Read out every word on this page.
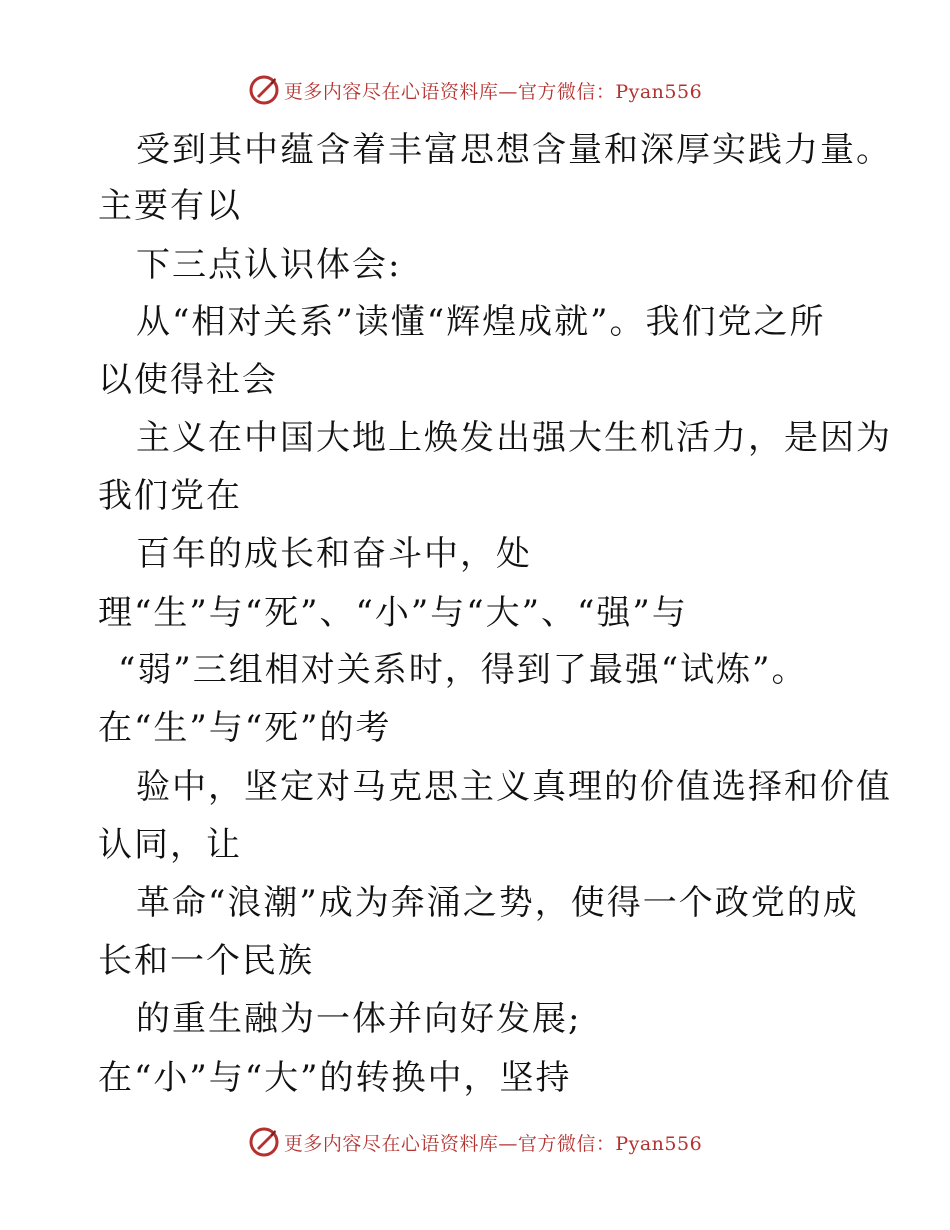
更多内容尽在心语资料库—官方微信：Pyan556
受到其中蕴含着丰富思想含量和深厚实践力量。
主要有以
下三点认识体会:
从“相对关系”读懂“辉煌成就”。我们党之所
以使得社会
主义在中国大地上焕发出强大生机活力，是因为
我们党在
百年的成长和奋斗中，处
理“生”与“死”、“小”与“大”、“强”与
“弱”三组相对关系时，得到了最强“试炼”。
在“生”与“死”的考
验中，坚定对马克思主义真理的价值选择和价值
认同，让
革命“浪潮”成为奔涌之势，使得一个政党的成
长和一个民族
的重生融为一体并向好发展;
在“小”与“大”的转换中，坚持
更多内容尽在心语资料库—官方微信：Pyan556
